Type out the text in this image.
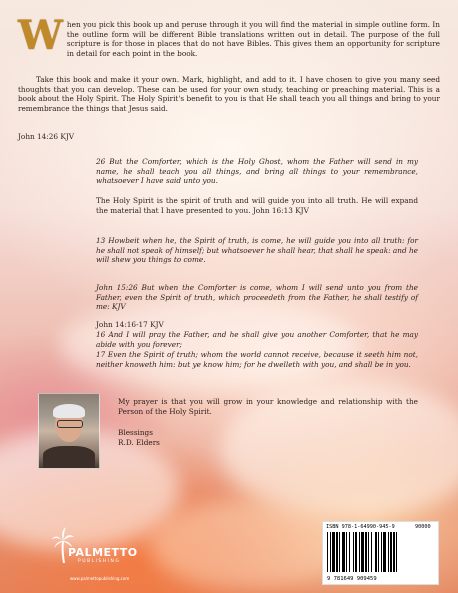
W hen you pick this book up and peruse through it you will find the material in simple outline form. In the outline form will be different Bible translations written out in detail. The purpose of the full scripture is for those in places that do not have Bibles. This gives them an opportunity for scripture in detail for each point in the book.

Take this book and make it your own. Mark, highlight, and add to it. I have chosen to give you many seed thoughts that you can develop. These can be used for your own study, teaching or preaching material. This is a book about the Holy Spirit. The Holy Spirit's benefit to you is that He shall teach you all things and bring to your remembrance the things that Jesus said.

John 14:26 KJV

26 But the Comforter, which is the Holy Ghost, whom the Father will send in my name, he shall teach you all things, and bring all things to your remembrance, whatsoever I have said unto you.

The Holy Spirit is the spirit of truth and will guide you into all truth. He will expand the material that I have presented to you. John 16:13 KJV

13 Howbeit when he, the Spirit of truth, is come, he will guide you into all truth: for he shall not speak of himself; but whatsoever he shall hear, that shall he speak: and he will shew you things to come.

John 15:26 But when the Comforter is come, whom I will send unto you from the Father, even the Spirit of truth, which proceedeth from the Father, he shall testify of me: KJV

John 14:16-17 KJV

16 And I will pray the Father, and he shall give you another Comforter, that he may abide with you forever;

17 Even the Spirit of truth; whom the world cannot receive, because it seeth him not, neither knoweth him: but ye know him; for he dwelleth with you, and shall be in you.

My prayer is that you will grow in your knowledge and relationship with the Person of the Holy Spirit.

Blessings

R.D. Elders

PALMETTO
PUBLISHING
www.palmettopublishing.com
ISBN 978-1-64990-945-9	90000
9 781649 909459
